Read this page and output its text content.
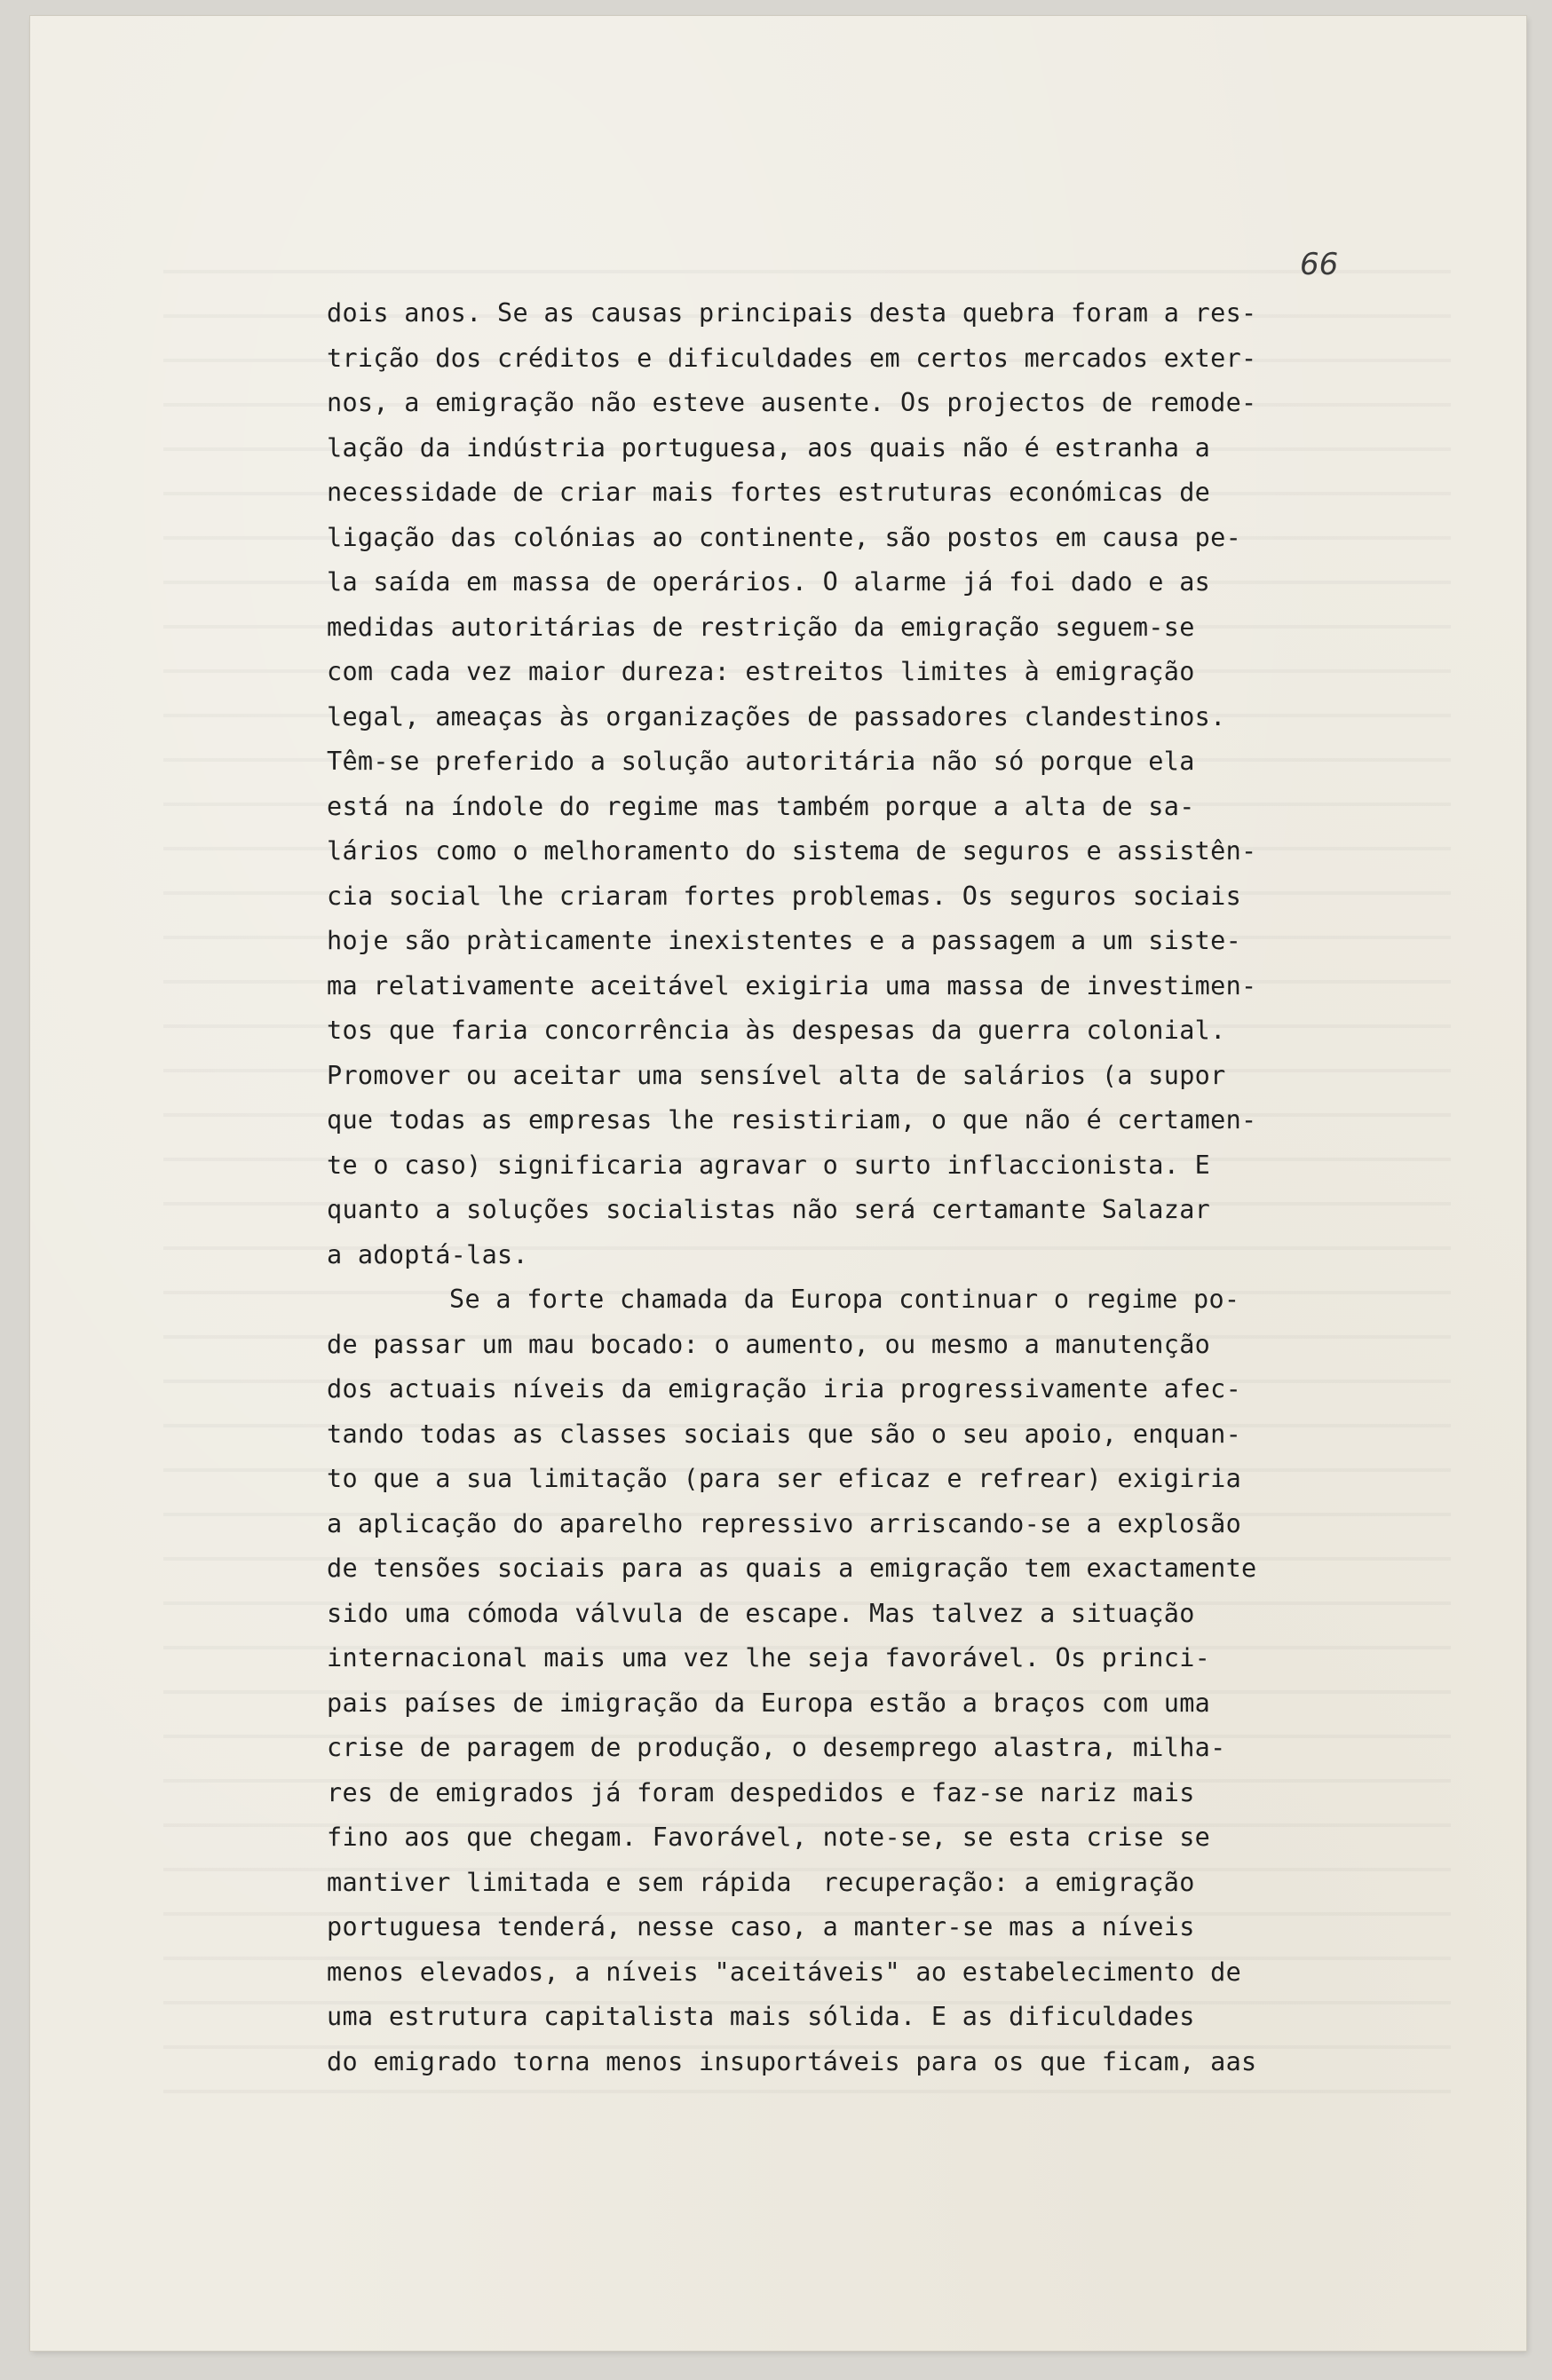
66
dois anos. Se as causas principais desta quebra foram a res-
trição dos créditos e dificuldades em certos mercados exter-
nos, a emigração não esteve ausente. Os projectos de remode-
lação da indústria portuguesa, aos quais não é estranha a
necessidade de criar mais fortes estruturas económicas de
ligação das colónias ao continente, são postos em causa pe-
la saída em massa de operários. O alarme já foi dado e as
medidas autoritárias de restrição da emigração seguem-se
com cada vez maior dureza: estreitos limites à emigração
legal, ameaças às organizações de passadores clandestinos.
Têm-se preferido a solução autoritária não só porque ela
está na índole do regime mas também porque a alta de sa-
lários como o melhoramento do sistema de seguros e assistên-
cia social lhe criaram fortes problemas. Os seguros sociais
hoje são pràticamente inexistentes e a passagem a um siste-
ma relativamente aceitável exigiria uma massa de investimen-
tos que faria concorrência às despesas da guerra colonial.
Promover ou aceitar uma sensível alta de salários (a supor
que todas as empresas lhe resistiriam, o que não é certamen-
te o caso) significaria agravar o surto inflaccionista. E
quanto a soluções socialistas não será certamante Salazar
a adoptá-las.
Se a forte chamada da Europa continuar o regime po-
de passar um mau bocado: o aumento, ou mesmo a manutenção
dos actuais níveis da emigração iria progressivamente afec-
tando todas as classes sociais que são o seu apoio, enquan-
to que a sua limitação (para ser eficaz e refrear) exigiria
a aplicação do aparelho repressivo arriscando-se a explosão
de tensões sociais para as quais a emigração tem exactamente
sido uma cómoda válvula de escape. Mas talvez a situação
internacional mais uma vez lhe seja favorável. Os princi-
pais países de imigração da Europa estão a braços com uma
crise de paragem de produção, o desemprego alastra, milha-
res de emigrados já foram despedidos e faz-se nariz mais
fino aos que chegam. Favorável, note-se, se esta crise se
mantiver limitada e sem rápida  recuperação: a emigração
portuguesa tenderá, nesse caso, a manter-se mas a níveis
menos elevados, a níveis "aceitáveis" ao estabelecimento de
uma estrutura capitalista mais sólida. E as dificuldades
do emigrado torna menos insuportáveis para os que ficam, aas
